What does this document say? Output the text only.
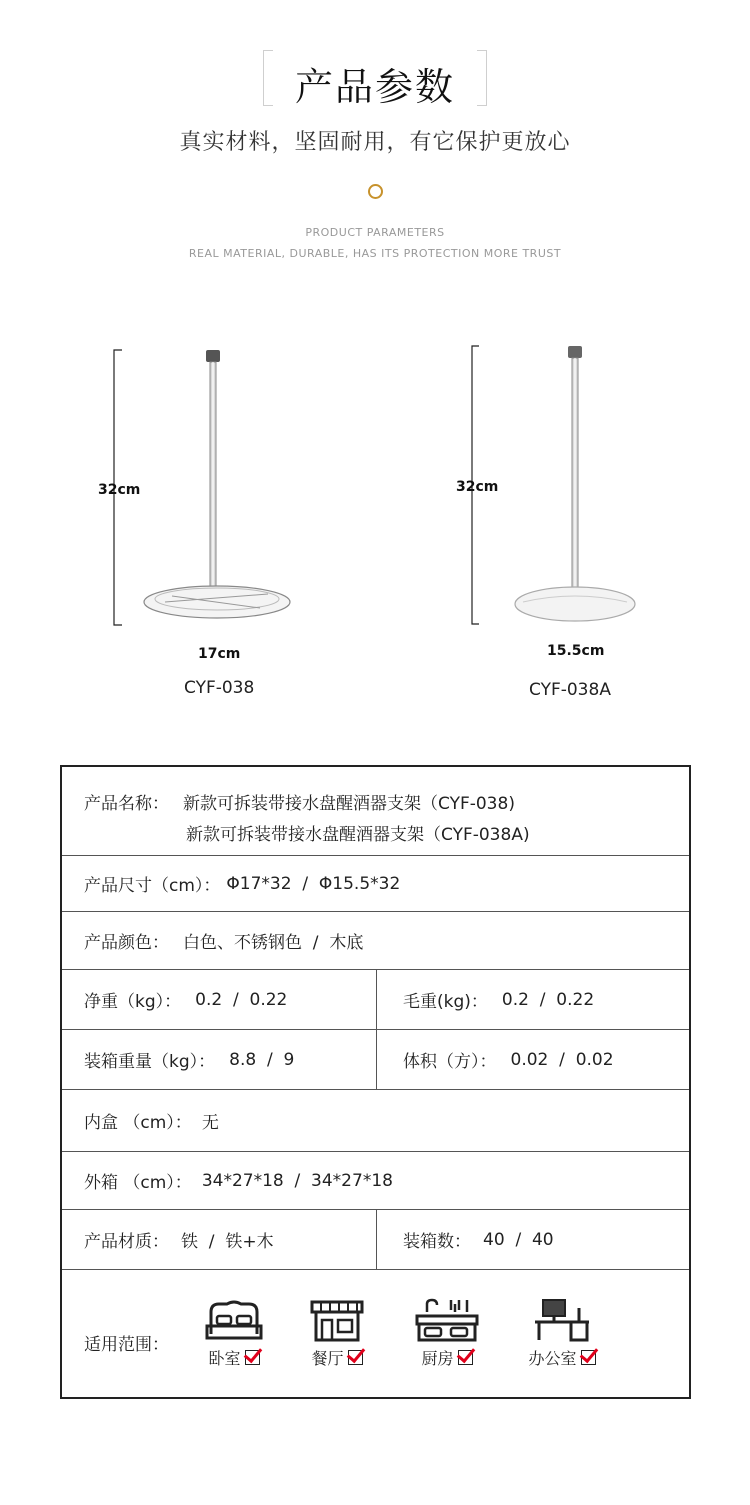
产品参数
真实材料，坚固耐用，有它保护更放心
PRODUCT PARAMETERS
REAL MATERIAL, DURABLE, HAS ITS PROTECTION MORE TRUST
32cm
17cm
CYF-038
32cm
15.5cm
CYF-038A
产品名称： 新款可拆装带接水盘醒酒器支架（CYF-038)
新款可拆装带接水盘醒酒器支架（CYF-038A)
产品尺寸（cm）： Φ17*32  /  Φ15.5*32
产品颜色： 白色、不锈钢色  /  木底
净重（kg）： 0.2  /  0.22	毛重(kg)： 0.2  /  0.22
装箱重量（kg）： 8.8  /  9	体积（方）： 0.02  /  0.02
内盒 （cm）： 无
外箱 （cm）： 34*27*18  /  34*27*18
产品材质： 铁  /  铁+木	装箱数： 40  /  40
适用范围：
卧室	餐厅	厨房	办公室
